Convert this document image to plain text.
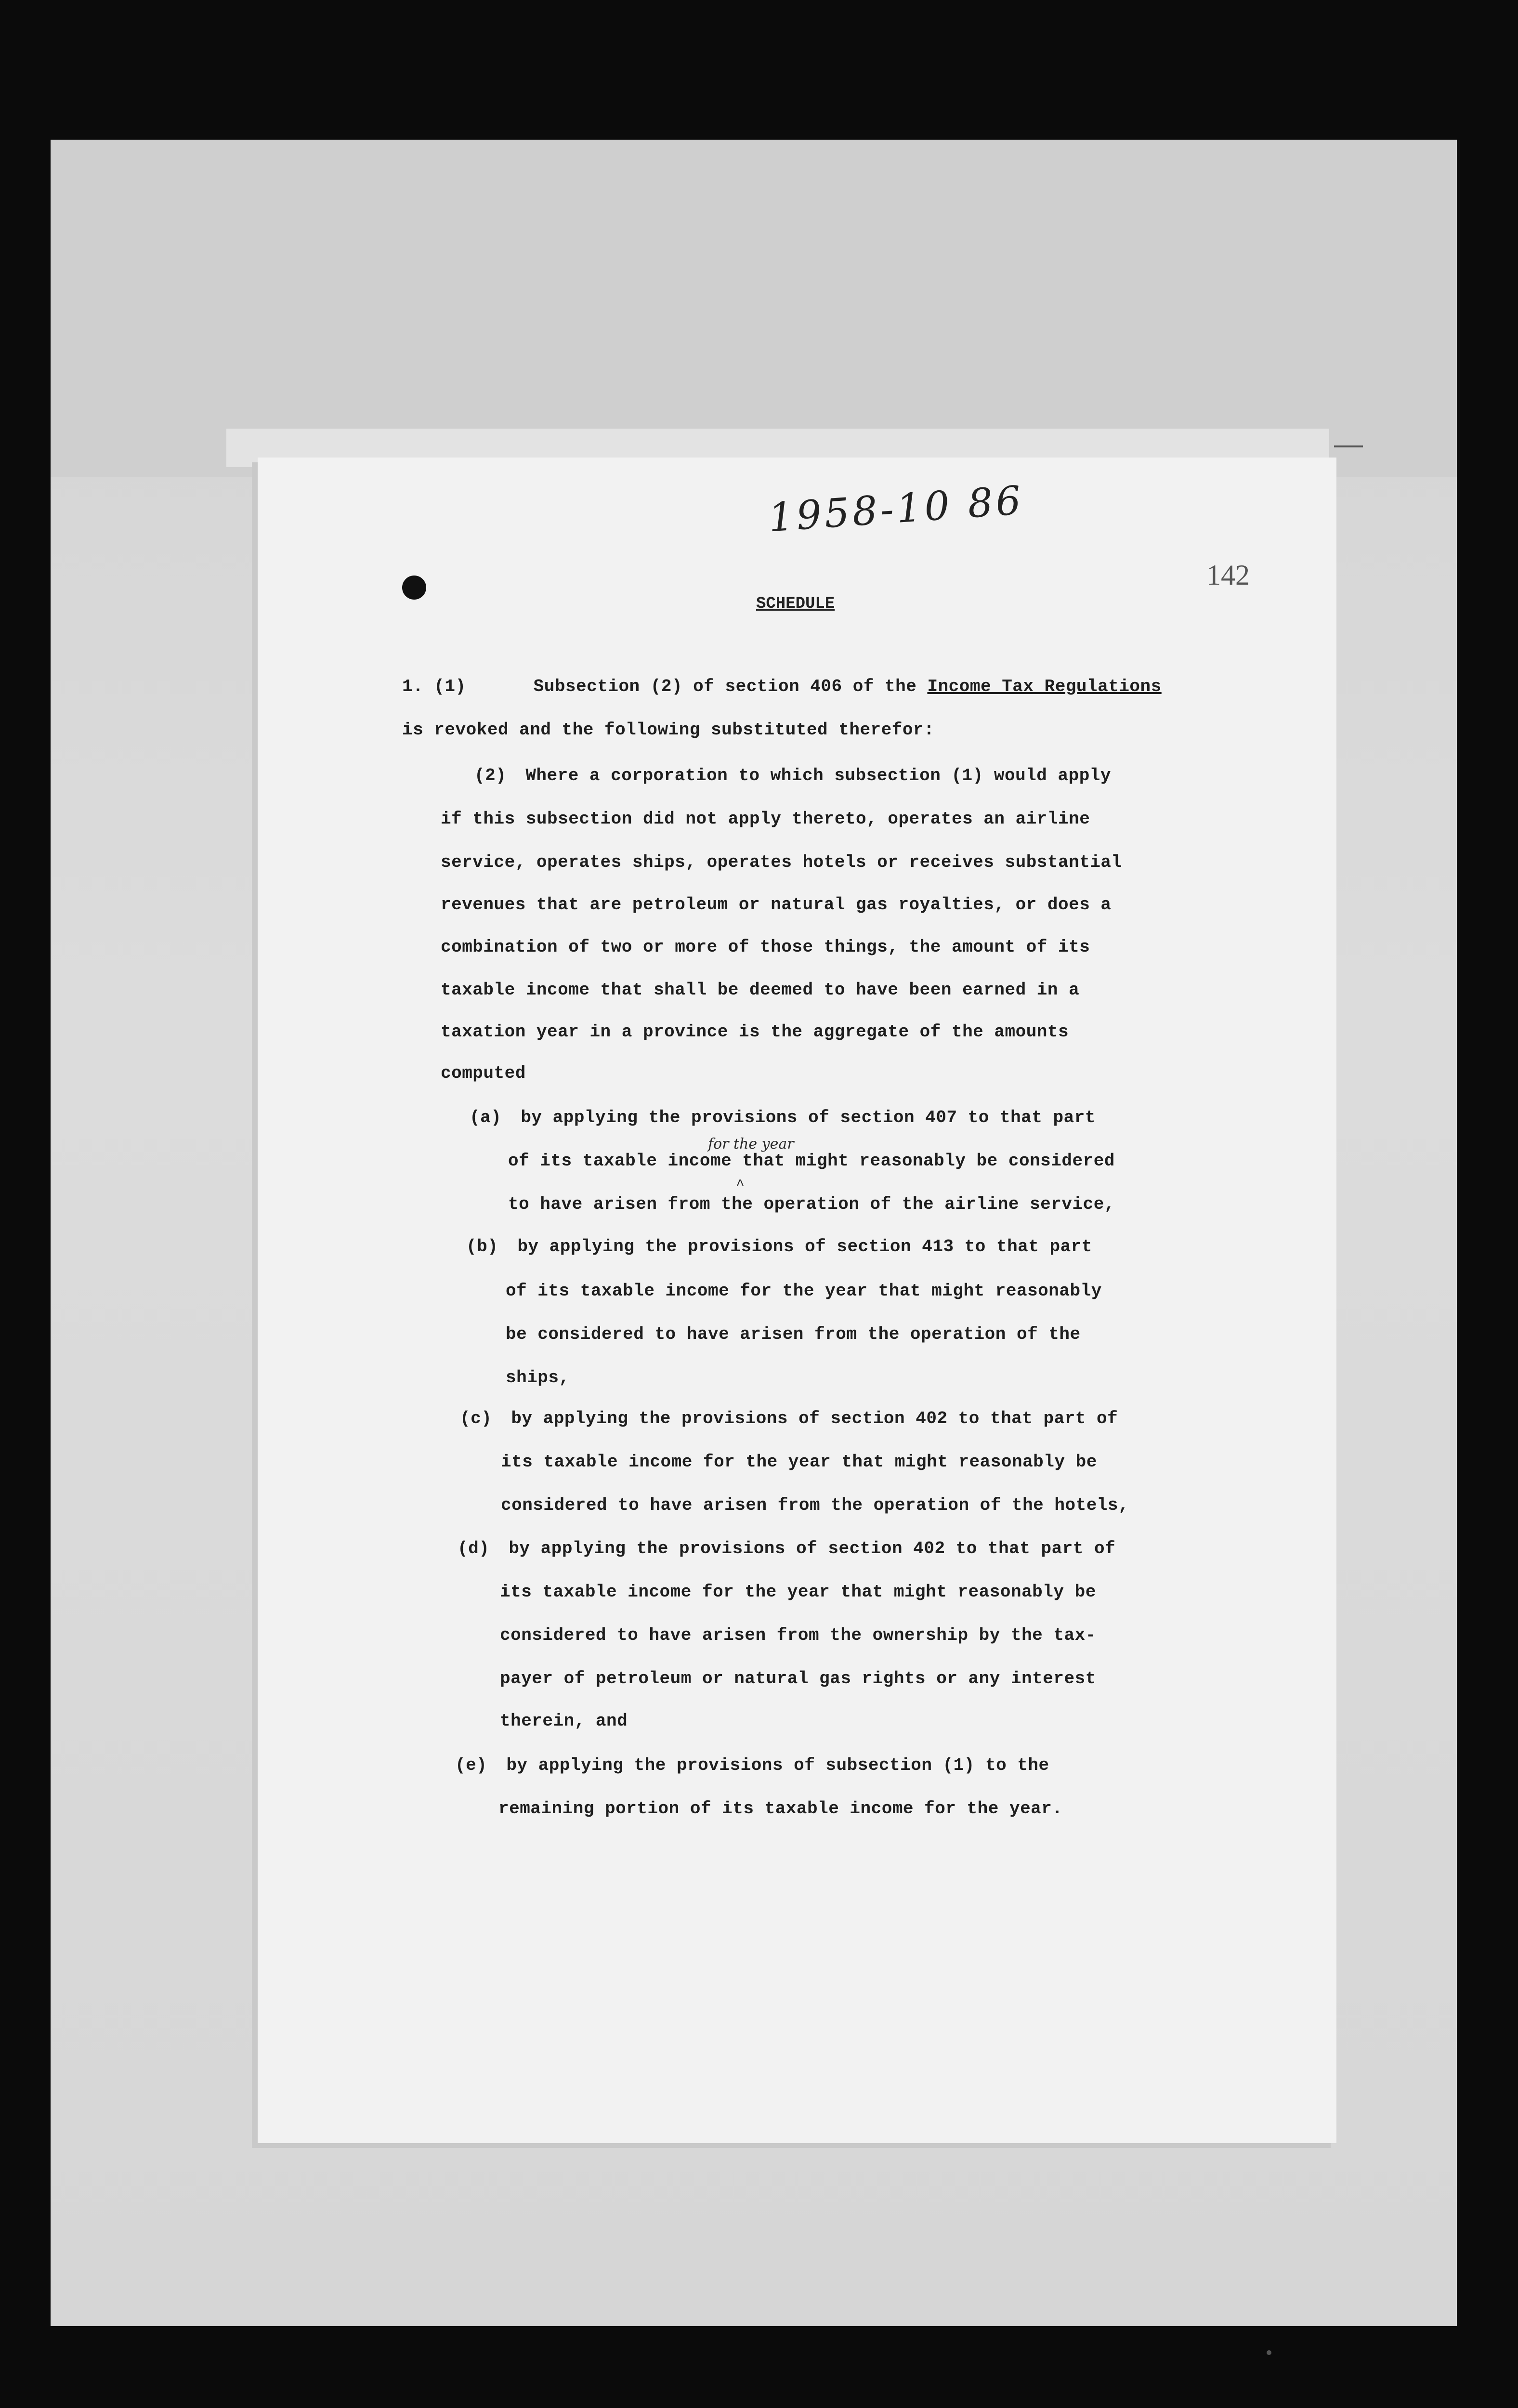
1958-10 86
142
SCHEDULE
1. (1)	Subsection (2) of section 406 of the Income Tax Regulations
is revoked and the following substituted therefor:
(2) Where a corporation to which subsection (1) would apply
if this subsection did not apply thereto, operates an airline
service, operates ships, operates hotels or receives substantial
revenues that are petroleum or natural gas royalties, or does a
combination of two or more of those things, the amount of its
taxable income that shall be deemed to have been earned in a
taxation year in a province is the aggregate of the amounts
computed
for the year
^
(a) by applying the provisions of section 407 to that part
of its taxable income that might reasonably be considered
to have arisen from the operation of the airline service,
(b) by applying the provisions of section 413 to that part
of its taxable income for the year that might reasonably
be considered to have arisen from the operation of the
ships,
(c) by applying the provisions of section 402 to that part of
its taxable income for the year that might reasonably be
considered to have arisen from the operation of the hotels,
(d) by applying the provisions of section 402 to that part of
its taxable income for the year that might reasonably be
considered to have arisen from the ownership by the tax-
payer of petroleum or natural gas rights or any interest
therein, and
(e) by applying the provisions of subsection (1) to the
remaining portion of its taxable income for the year.
